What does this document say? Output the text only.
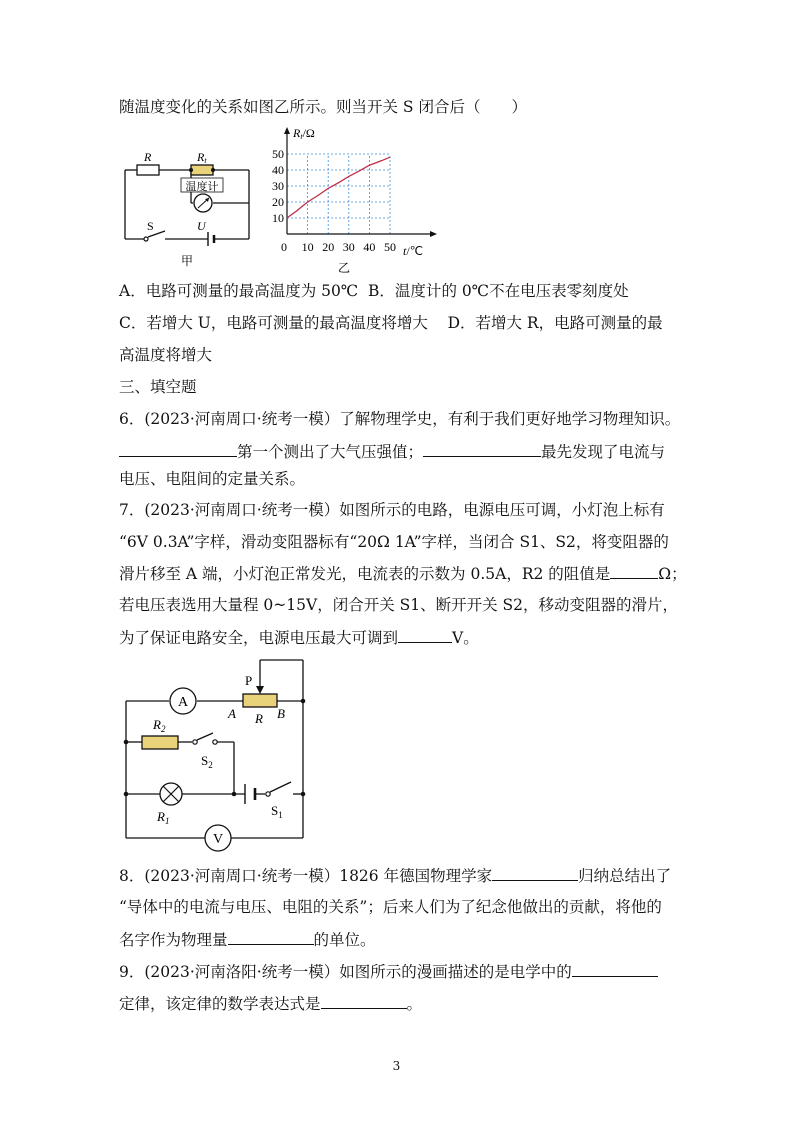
随温度变化的关系如图乙所示。则当开关 S 闭合后（　　）
R	Rt
温度计
S	U
甲
0 10 20 30 40 50
10
20
30
40
50
Rt/Ω
t/℃
乙
A．电路可测量的最高温度为 50℃ B．温度计的 0℃不在电压表零刻度处
C．若增大 U，电路可测量的最高温度将增大 D．若增大 R，电路可测量的最
高温度将增大
三、填空题
6．(2023·河南周口·统考一模）了解物理学史，有利于我们更好地学习物理知识。
第一个测出了大气压强值；	最先发现了电流与
电压、电阻间的定量关系。
7．(2023·河南周口·统考一模）如图所示的电路，电源电压可调，小灯泡上标有
“6V 0.3A”字样，滑动变阻器标有“20Ω 1A”字样，当闭合 S1、S2，将变阻器的
滑片移至 A 端，小灯泡正常发光，电流表的示数为 0.5A，R2 的阻值是	Ω；
若电压表选用大量程 0~15V，闭合开关 S1、断开开关 S2，移动变阻器的滑片，
为了保证电路安全，电源电压最大可调到	V。
A
P
A R B
$R_2$
$S_2$
$R_1$
$S_1$
V
8．(2023·河南周口·统考一模）1826 年德国物理学家	归纳总结出了
“导体中的电流与电压、电阻的关系”；后来人们为了纪念他做出的贡献，将他的
名字作为物理量	的单位。
9．(2023·河南洛阳·统考一模）如图所示的漫画描述的是电学中的
定律，该定律的数学表达式是	。
3
